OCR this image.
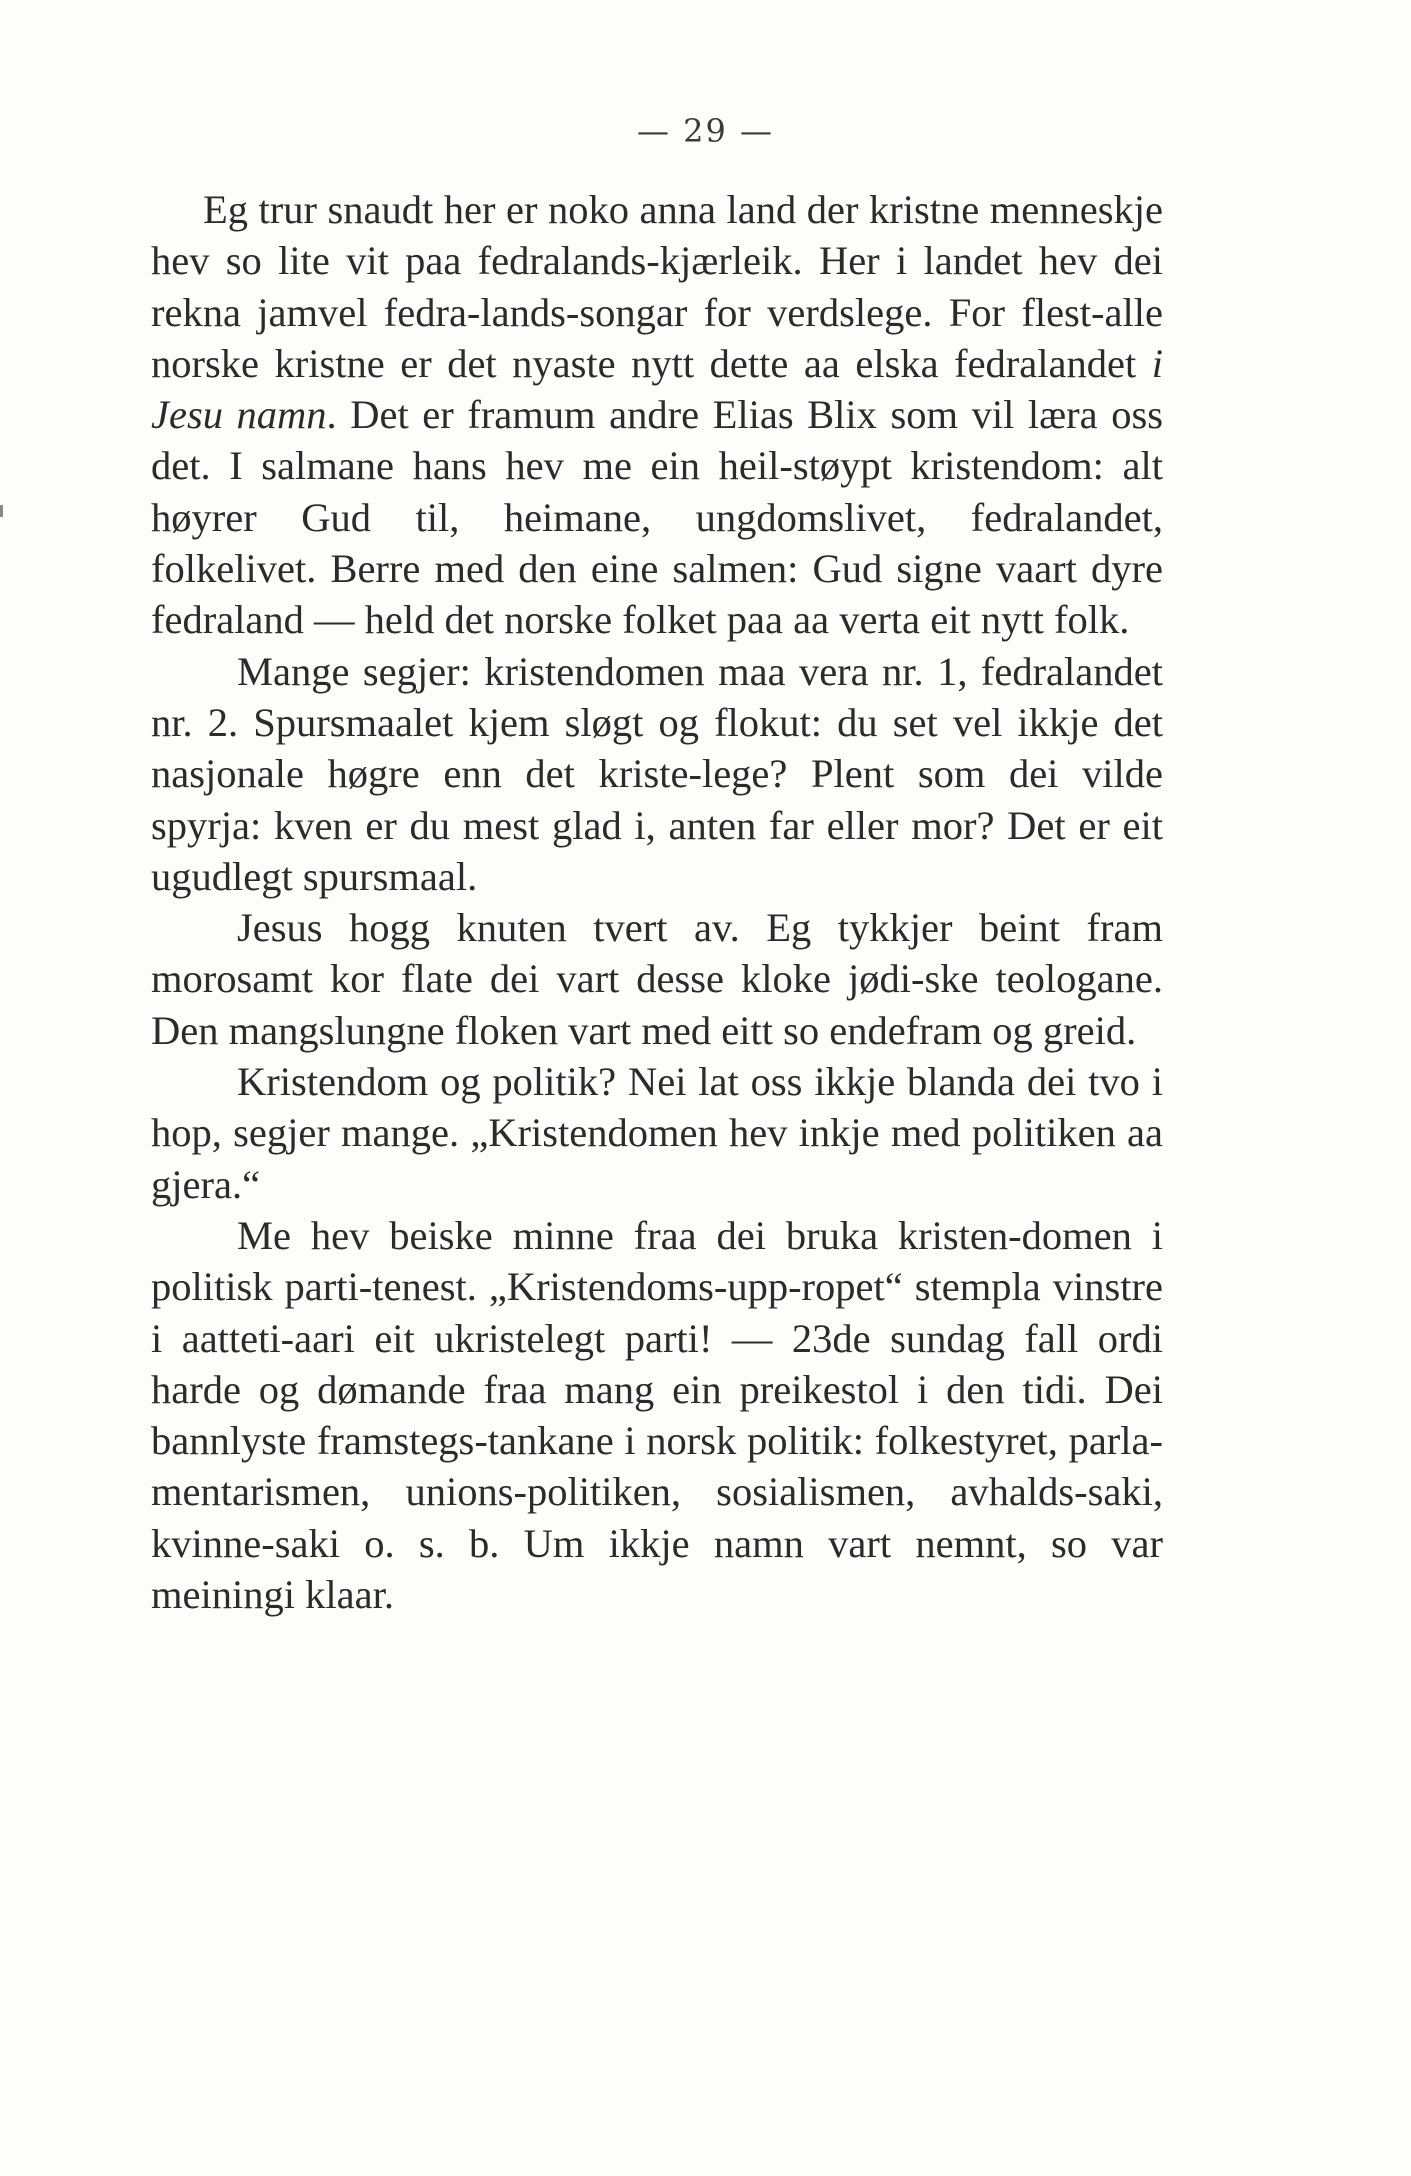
— 29 —

Eg trur snaudt her er noko anna land der kristne menneskje hev so lite vit paa fedralands-kjærleik. Her i landet hev dei rekna jamvel fedra-lands-songar for verdslege. For flest-alle norske kristne er det nyaste nytt dette aa elska fedralandet i Jesu namn. Det er framum andre Elias Blix som vil læra oss det. I salmane hans hev me ein heil-støypt kristendom: alt høyrer Gud til, heimane, ungdomslivet, fedralandet, folkelivet. Berre med den eine salmen: Gud signe vaart dyre fedraland — held det norske folket paa aa verta eit nytt folk.

Mange segjer: kristendomen maa vera nr. 1, fedralandet nr. 2. Spursmaalet kjem sløgt og flokut: du set vel ikkje det nasjonale høgre enn det kriste-lege? Plent som dei vilde spyrja: kven er du mest glad i, anten far eller mor? Det er eit ugudlegt spursmaal.

Jesus hogg knuten tvert av. Eg tykkjer beint fram morosamt kor flate dei vart desse kloke jødi-ske teologane. Den mangslungne floken vart med eitt so endefram og greid.

Kristendom og politik? Nei lat oss ikkje blanda dei tvo i hop, segjer mange. „Kristendomen hev inkje med politiken aa gjera.“

Me hev beiske minne fraa dei bruka kristen-domen i politisk parti-tenest. „Kristendoms-upp-ropet“ stempla vinstre i aatteti-aari eit ukristelegt parti! — 23de sundag fall ordi harde og dømande fraa mang ein preikestol i den tidi. Dei bannlyste framstegs-tankane i norsk politik: folkestyret, parla-mentarismen, unions-politiken, sosialismen, avhalds-saki, kvinne-saki o. s. b. Um ikkje namn vart nemnt, so var meiningi klaar.
